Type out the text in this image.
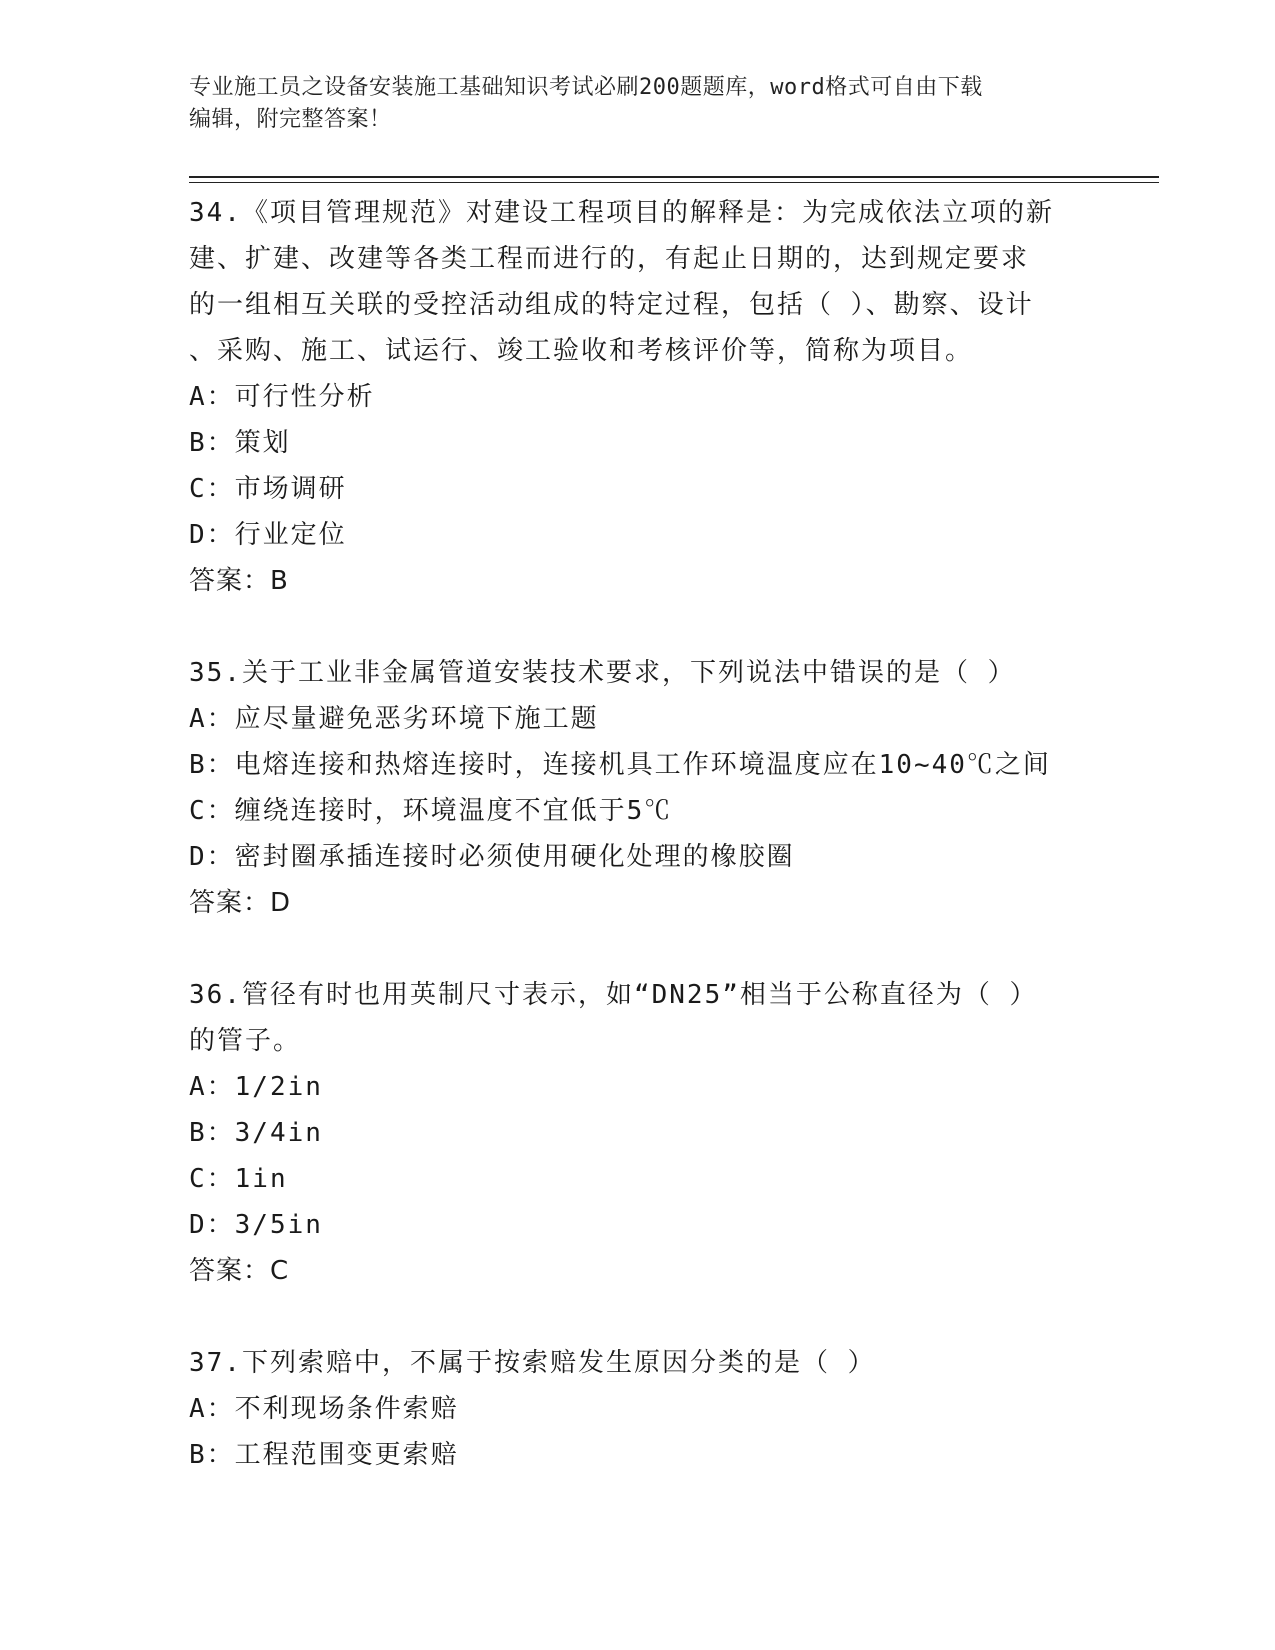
专业施工员之设备安装施工基础知识考试必刷200题题库，word格式可自由下载
编辑，附完整答案！

34.《项目管理规范》对建设工程项目的解释是：为完成依法立项的新

建、扩建、改建等各类工程而进行的，有起止日期的，达到规定要求

的一组相互关联的受控活动组成的特定过程，包括（ ）、勘察、设计

、采购、施工、试运行、竣工验收和考核评价等，简称为项目。

A：可行性分析

B：策划

C：市场调研

D：行业定位

答案：B

35.关于工业非金属管道安装技术要求，下列说法中错误的是（ ）

A：应尽量避免恶劣环境下施工题

B：电熔连接和热熔连接时，连接机具工作环境温度应在10~40℃之间

C：缠绕连接时，环境温度不宜低于5℃

D：密封圈承插连接时必须使用硬化处理的橡胶圈

答案：D

36.管径有时也用英制尺寸表示，如“DN25”相当于公称直径为（ ）

的管子。

A：1/2in

B：3/4in

C：1in

D：3/5in

答案：C

37.下列索赔中，不属于按索赔发生原因分类的是（ ）

A：不利现场条件索赔

B：工程范围变更索赔
